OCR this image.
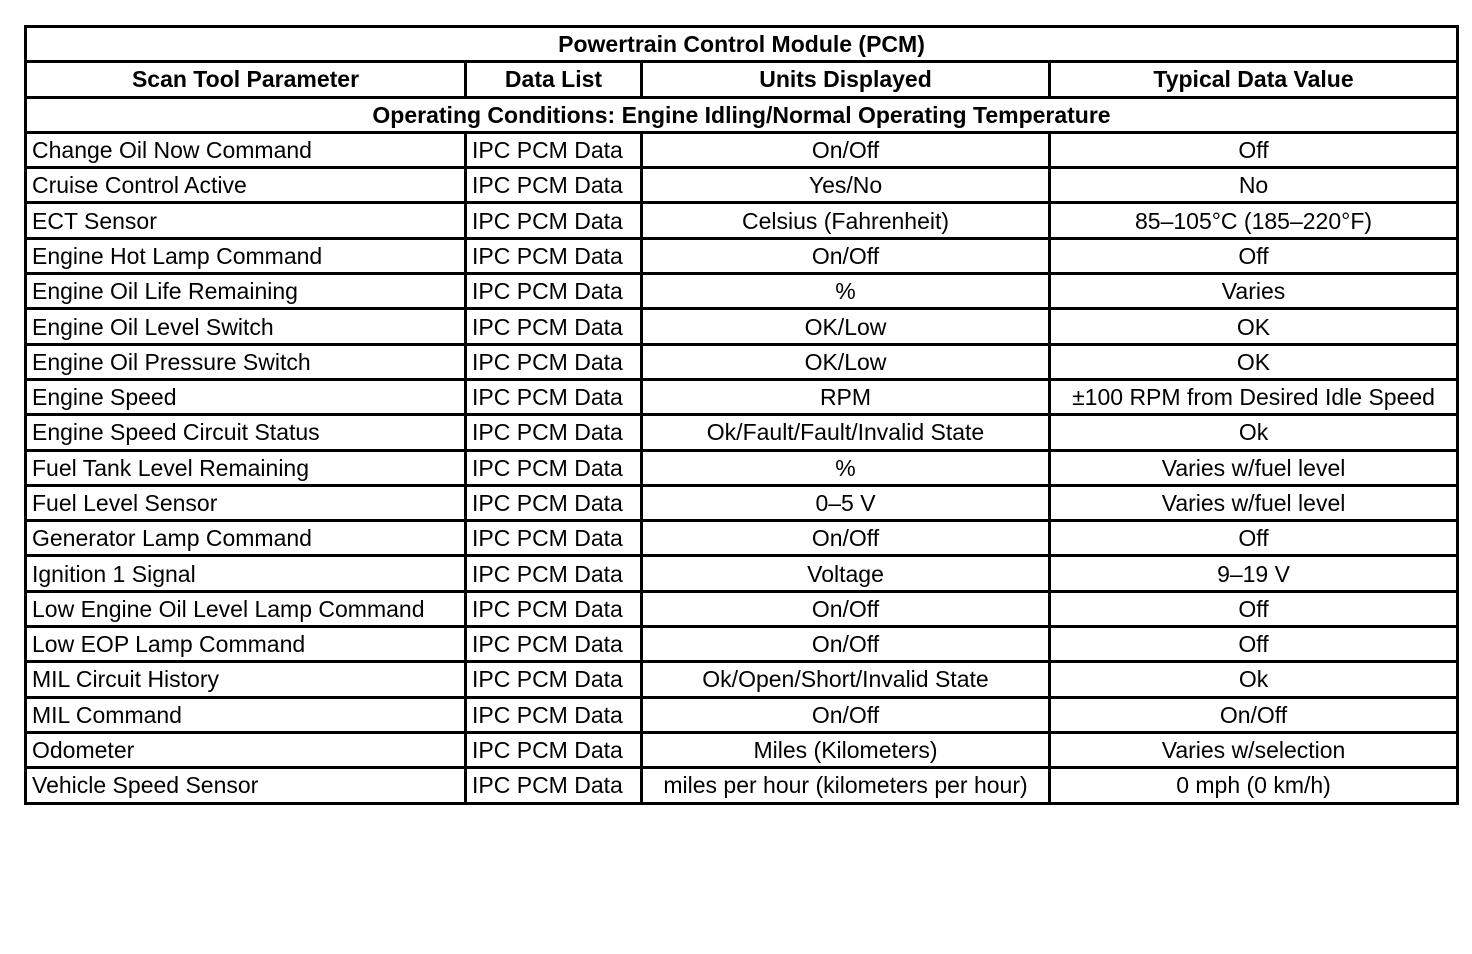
Powertrain Control Module (PCM)			
Scan Tool Parameter	Data List	Units Displayed	Typical Data Value
Operating Conditions: Engine Idling/Normal Operating Temperature			
Change Oil Now Command	IPC PCM Data	On/Off	Off
Cruise Control Active	IPC PCM Data	Yes/No	No
ECT Sensor	IPC PCM Data	Celsius (Fahrenheit)	85–105°C (185–220°F)
Engine Hot Lamp Command	IPC PCM Data	On/Off	Off
Engine Oil Life Remaining	IPC PCM Data	%	Varies
Engine Oil Level Switch	IPC PCM Data	OK/Low	OK
Engine Oil Pressure Switch	IPC PCM Data	OK/Low	OK
Engine Speed	IPC PCM Data	RPM	±100 RPM from Desired Idle Speed
Engine Speed Circuit Status	IPC PCM Data	Ok/Fault/Fault/Invalid State	Ok
Fuel Tank Level Remaining	IPC PCM Data	%	Varies w/fuel level
Fuel Level Sensor	IPC PCM Data	0–5 V	Varies w/fuel level
Generator Lamp Command	IPC PCM Data	On/Off	Off
Ignition 1 Signal	IPC PCM Data	Voltage	9–19 V
Low Engine Oil Level Lamp Command	IPC PCM Data	On/Off	Off
Low EOP Lamp Command	IPC PCM Data	On/Off	Off
MIL Circuit History	IPC PCM Data	Ok/Open/Short/Invalid State	Ok
MIL Command	IPC PCM Data	On/Off	On/Off
Odometer	IPC PCM Data	Miles (Kilometers)	Varies w/selection
Vehicle Speed Sensor	IPC PCM Data	miles per hour (kilometers per hour)	0 mph (0 km/h)
